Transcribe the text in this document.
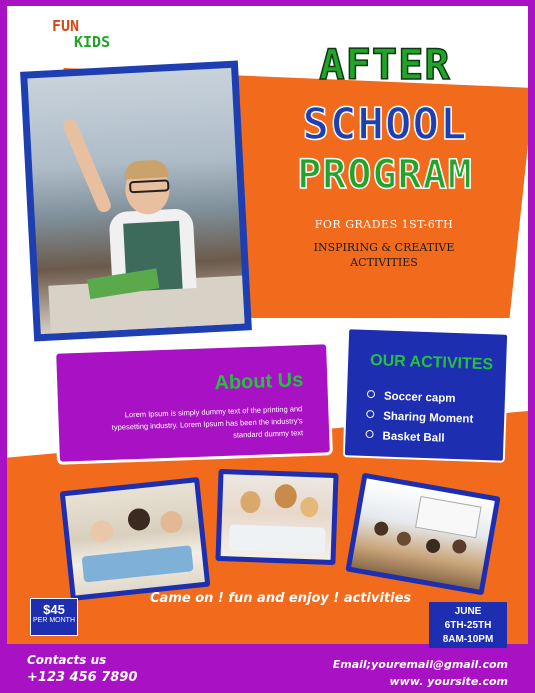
FUN
KIDS	AFTER
SCHOOL
PROGRAM
FOR GRADES 1ST-6TH
INSPIRING & CREATIVE
ACTIVITIES
About Us

Lorem Ipsum is simply dummy text of the printing and typesetting industry. Lorem Ipsum has been the industry's standard dummy text

OUR ACTIVITES
Soccer capm
Sharing Moment
Basket Ball
Came on ! fun and enjoy ! activities
$45
PER MONTH
JUNE
6TH-25TH
8AM-10PM
Contacts us
+123 456 7890
Email;youremail@gmail.com
www. yoursite.com
